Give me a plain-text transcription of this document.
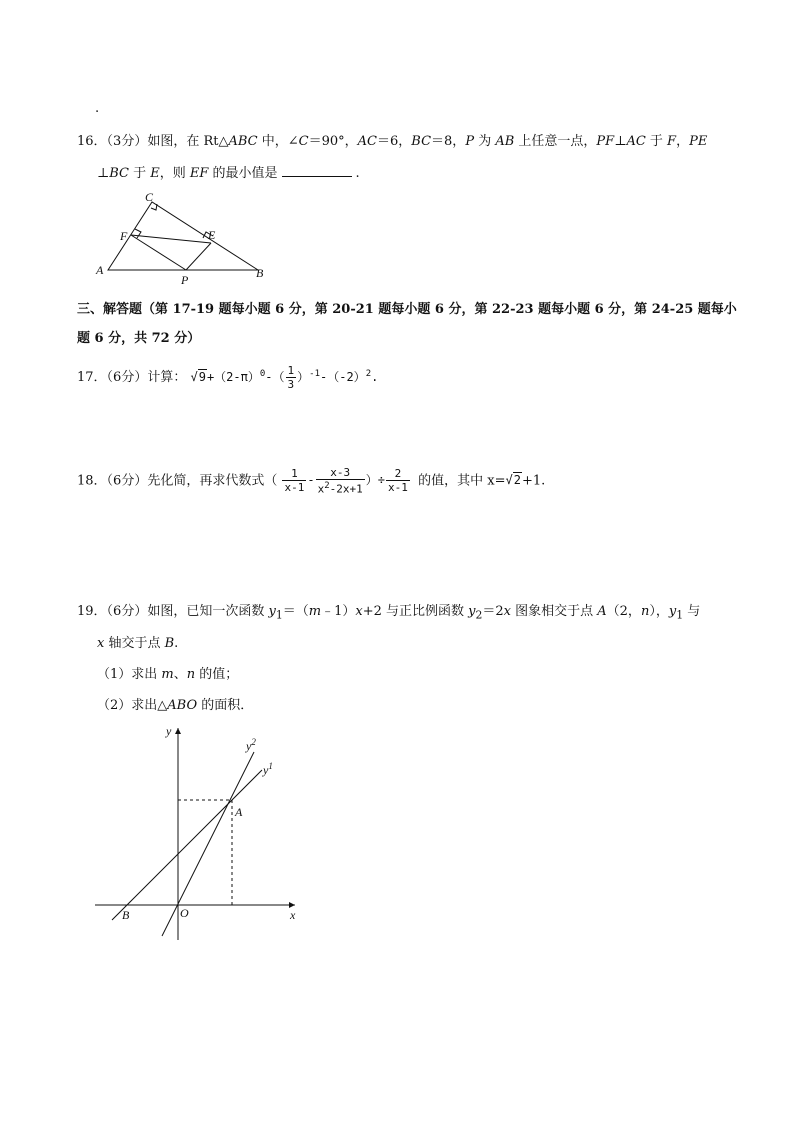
.
16．（3分）如图，在 Rt△ABC 中，∠C＝90°，AC＝6，BC＝8，P 为 AB 上任意一点，PF⊥AC 于 F，PE
⊥BC 于 E，则 EF 的最小值是	.
C
F	E
A
P	B
三、解答题（第 17-19 题每小题 6 分，第 20-21 题每小题 6 分，第 22-23 题每小题 6 分，第 24-25 题每小
题 6 分，共 72 分）
17．（6分）计算： $√9+(2-\pi)^0-( \frac{1}{3} )^{-1}-(-2)^2$.
18．（6分）先化简，再求代数式（ $\frac{1}{x-1} - \frac{x-3}{x^2-2x+1}$ ）÷ $\frac{2}{x-1}$ 的值，其中 x=√2+1.
19．（6分）如图，已知一次函数 $y_1=(m﹣1)x+2$ 与正比例函数 $y_2=2x$ 图象相交于点 A（2，n），$y_1$ 与
x 轴交于点 B.
（1）求出 m、n 的值；
（2）求出△ABO 的面积．
y
x
O
B
A
$y^2$
$y^1$
